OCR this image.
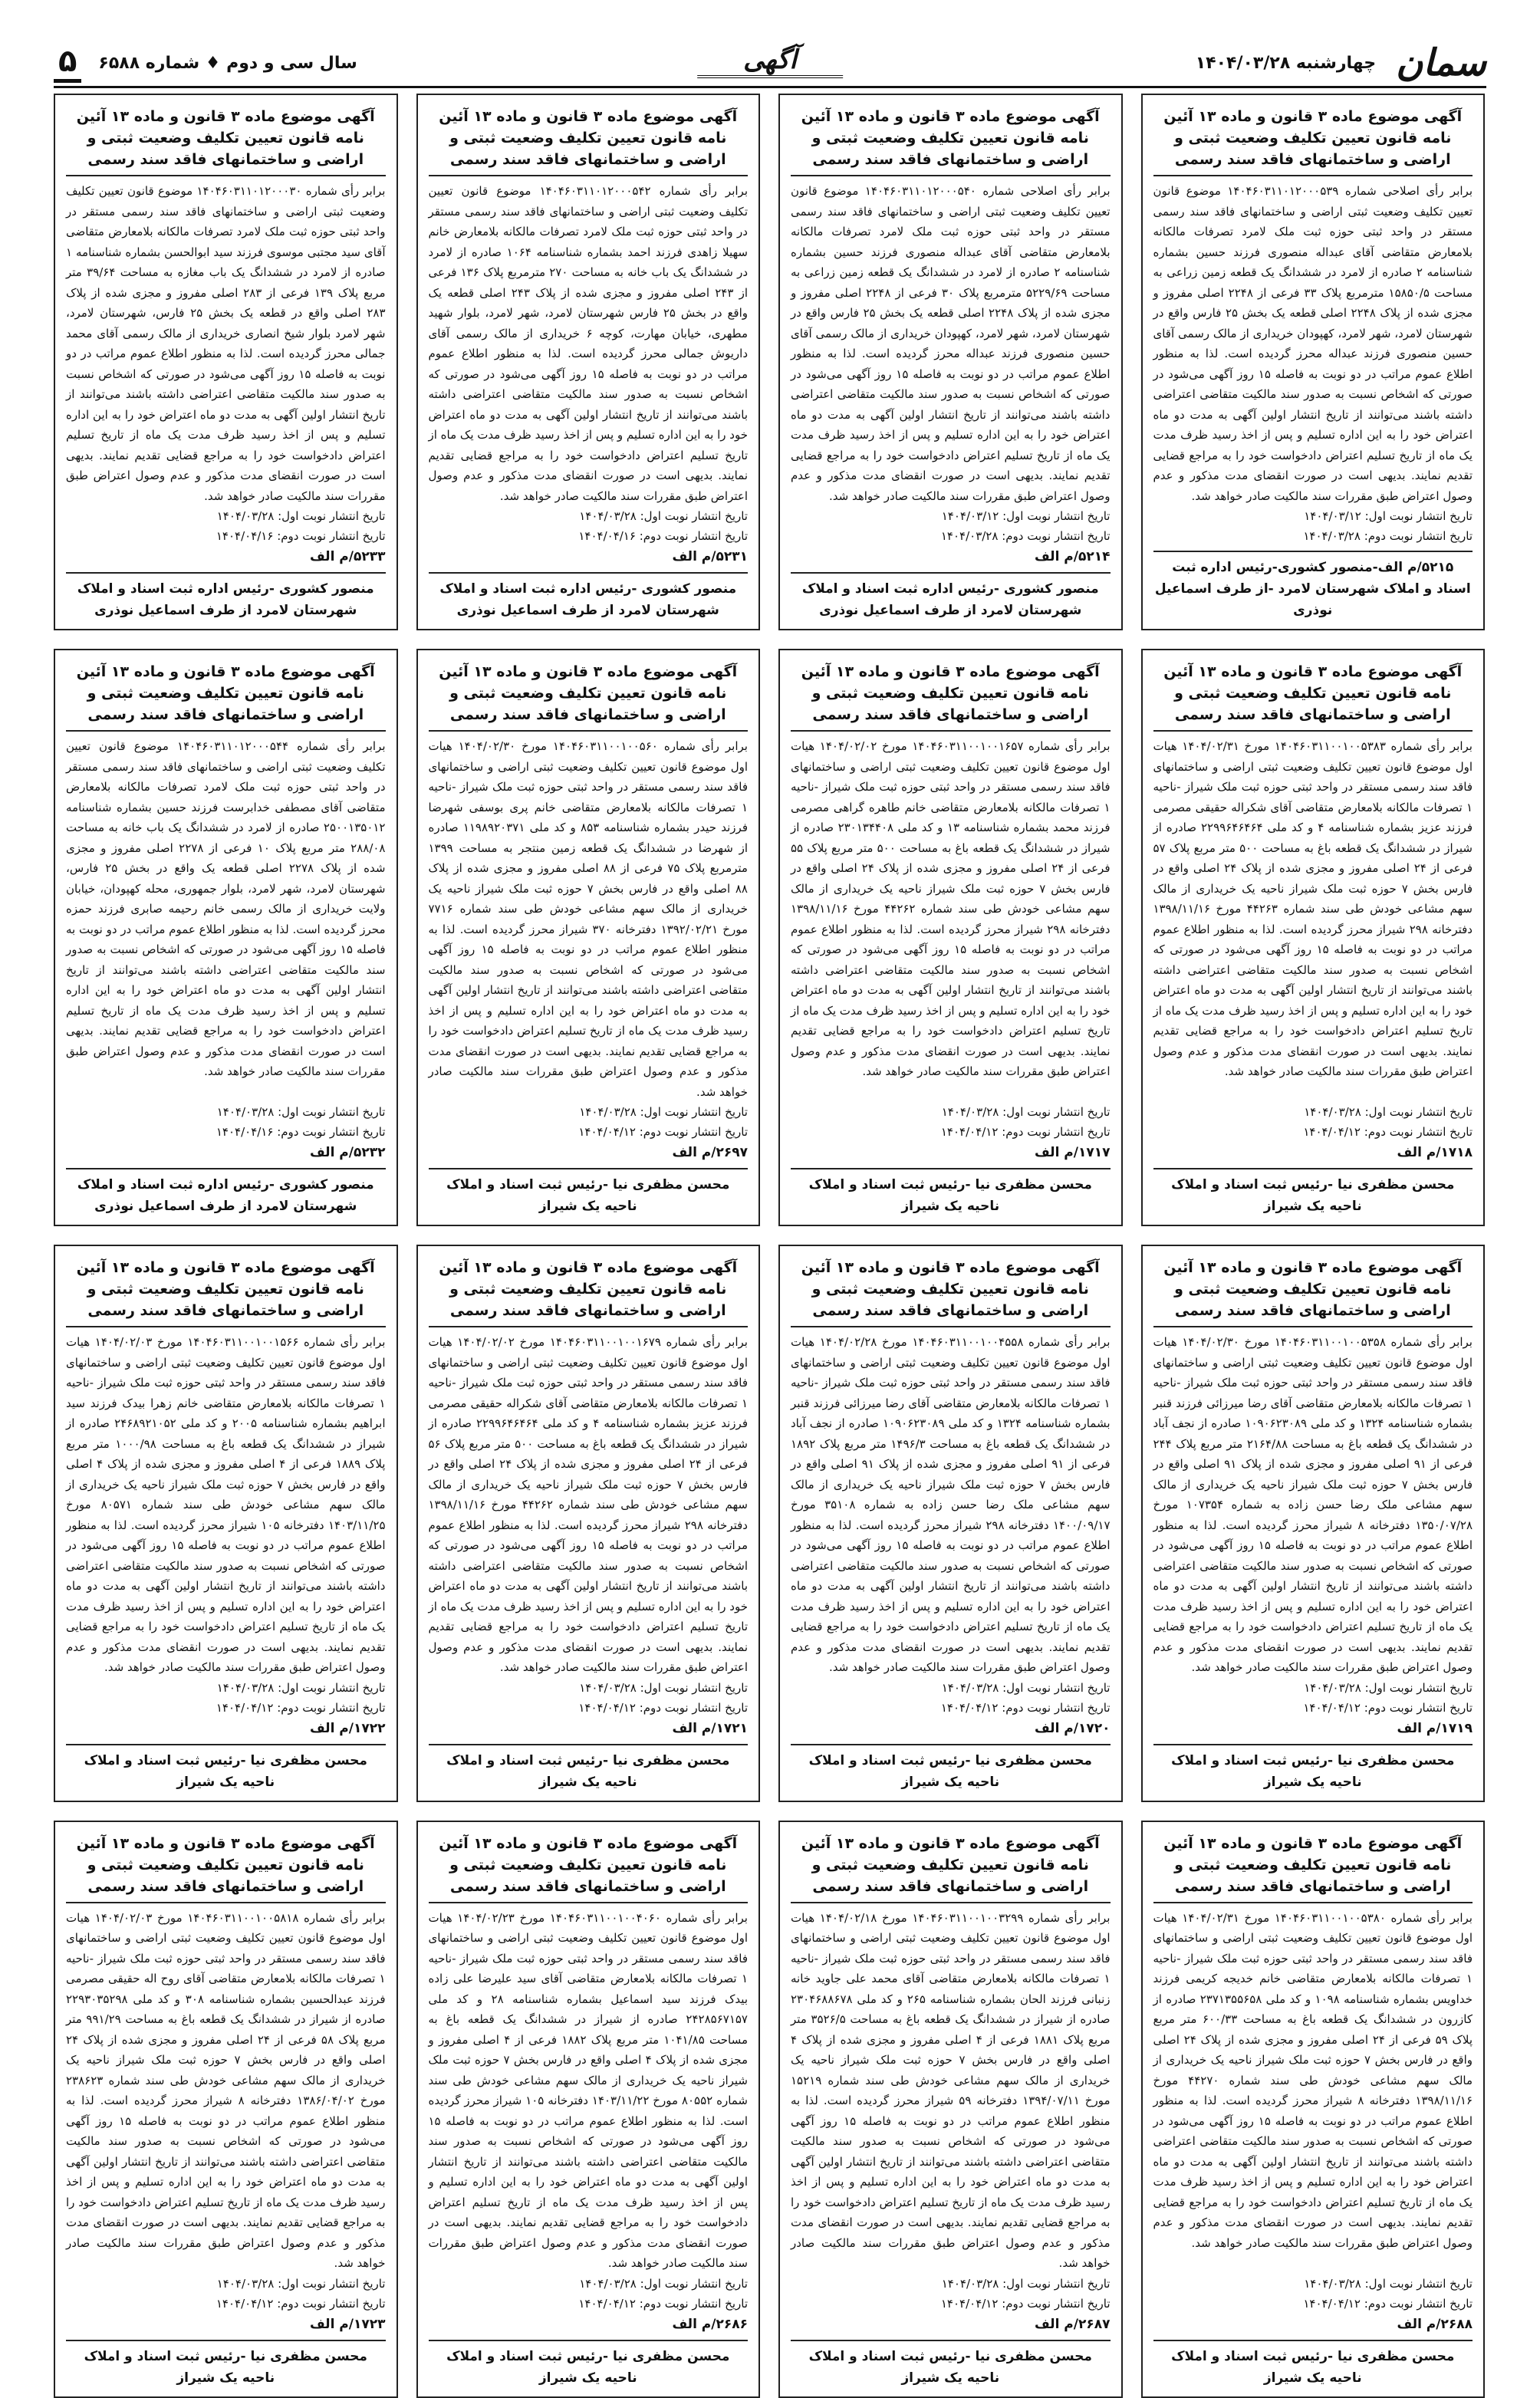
سمان
چهارشنبه ۱۴۰۴/۰۳/۲۸
آگهی
سال سی و دوم ♦ شماره ۶۵۸۸
۵
آگهی موضوع ماده ۳ قانون و ماده ۱۳ آئین نامه قانون تعیین تکلیف وضعیت ثبتی و اراضی و ساختمانهای فاقد سند رسمی
برابر رأی اصلاحی شماره ۱۴۰۴۶۰۳۱۱۰۱۲۰۰۰۵۳۹ موضوع قانون تعیین تکلیف وضعیت ثبتی اراضی و ساختمانهای فاقد سند رسمی مستقر در واحد ثبتی حوزه ثبت ملک لامرد تصرفات مالکانه بلامعارض متقاضی آقای عبداله منصوری فرزند حسین بشماره شناسنامه ۲ صادره از لامرد در ششدانگ یک قطعه زمین زراعی به مساحت ۱۵۸۵۰/۵ مترمربع پلاک ۳۳ فرعی از ۲۲۴۸ اصلی مفروز و مجزی شده از پلاک ۲۲۴۸ اصلی قطعه یک بخش ۲۵ فارس واقع در شهرستان لامرد، شهر لامرد، کهپودان خریداری از مالک رسمی آقای حسین منصوری فرزند عبداله محرز گردیده است. لذا به منظور اطلاع عموم مراتب در دو نوبت به فاصله ۱۵ روز آگهی می‌شود در صورتی که اشخاص نسبت به صدور سند مالکیت متقاضی اعتراضی داشته باشند می‌توانند از تاریخ انتشار اولین آگهی به مدت دو ماه اعتراض خود را به این اداره تسلیم و پس از اخذ رسید ظرف مدت یک ماه از تاریخ تسلیم اعتراض دادخواست خود را به مراجع قضایی تقدیم نمایند. بدیهی است در صورت انقضای مدت مذکور و عدم وصول اعتراض طبق مقررات سند مالکیت صادر خواهد شد.
تاریخ انتشار نوبت اول: ۱۴۰۴/۰۳/۱۲
تاریخ انتشار نوبت دوم: ۱۴۰۴/۰۳/۲۸
۵۲۱۵/م الف-منصور کشوری-رئیس اداره ثبت اسناد و املاک شهرستان لامرد -از طرف اسماعیل نوذری
آگهی موضوع ماده ۳ قانون و ماده ۱۳ آئین نامه قانون تعیین تکلیف وضعیت ثبتی و اراضی و ساختمانهای فاقد سند رسمی
برابر رأی اصلاحی شماره ۱۴۰۴۶۰۳۱۱۰۱۲۰۰۰۵۴۰ موضوع قانون تعیین تکلیف وضعیت ثبتی اراضی و ساختمانهای فاقد سند رسمی مستقر در واحد ثبتی حوزه ثبت ملک لامرد تصرفات مالکانه بلامعارض متقاضی آقای عبداله منصوری فرزند حسین بشماره شناسنامه ۲ صادره از لامرد در ششدانگ یک قطعه زمین زراعی به مساحت ۵۲۲۹/۶۹ مترمربع پلاک ۳۰ فرعی از ۲۲۴۸ اصلی مفروز و مجزی شده از پلاک ۲۲۴۸ اصلی قطعه یک بخش ۲۵ فارس واقع در شهرستان لامرد، شهر لامرد، کهپودان خریداری از مالک رسمی آقای حسین منصوری فرزند عبداله محرز گردیده است. لذا به منظور اطلاع عموم مراتب در دو نوبت به فاصله ۱۵ روز آگهی می‌شود در صورتی که اشخاص نسبت به صدور سند مالکیت متقاضی اعتراضی داشته باشند می‌توانند از تاریخ انتشار اولین آگهی به مدت دو ماه اعتراض خود را به این اداره تسلیم و پس از اخذ رسید ظرف مدت یک ماه از تاریخ تسلیم اعتراض دادخواست خود را به مراجع قضایی تقدیم نمایند. بدیهی است در صورت انقضای مدت مذکور و عدم وصول اعتراض طبق مقررات سند مالکیت صادر خواهد شد.
تاریخ انتشار نوبت اول: ۱۴۰۴/۰۳/۱۲
تاریخ انتشار نوبت دوم: ۱۴۰۴/۰۳/۲۸
۵۲۱۴/م الف
منصور کشوری -رئیس اداره ثبت اسناد و املاک شهرستان لامرد از طرف اسماعیل نوذری
آگهی موضوع ماده ۳ قانون و ماده ۱۳ آئین نامه قانون تعیین تکلیف وضعیت ثبتی و اراضی و ساختمانهای فاقد سند رسمی
برابر رأی شماره ۱۴۰۴۶۰۳۱۱۰۱۲۰۰۰۵۴۲ موضوع قانون تعیین تکلیف وضعیت ثبتی اراضی و ساختمانهای فاقد سند رسمی مستقر در واحد ثبتی حوزه ثبت ملک لامرد تصرفات مالکانه بلامعارض خانم سهیلا زاهدی فرزند احمد بشماره شناسنامه ۱۰۶۴ صادره از لامرد در ششدانگ یک باب خانه به مساحت ۲۷۰ مترمربع پلاک ۱۳۶ فرعی از ۲۴۳ اصلی مفروز و مجزی شده از پلاک ۲۴۳ اصلی قطعه یک واقع در بخش ۲۵ فارس شهرستان لامرد، شهر لامرد، بلوار شهید مطهری، خیابان مهارت، کوچه ۶ خریداری از مالک رسمی آقای داریوش جمالی محرز گردیده است. لذا به منظور اطلاع عموم مراتب در دو نوبت به فاصله ۱۵ روز آگهی می‌شود در صورتی که اشخاص نسبت به صدور سند مالکیت متقاضی اعتراضی داشته باشند می‌توانند از تاریخ انتشار اولین آگهی به مدت دو ماه اعتراض خود را به این اداره تسلیم و پس از اخذ رسید ظرف مدت یک ماه از تاریخ تسلیم اعتراض دادخواست خود را به مراجع قضایی تقدیم نمایند. بدیهی است در صورت انقضای مدت مذکور و عدم وصول اعتراض طبق مقررات سند مالکیت صادر خواهد شد.
تاریخ انتشار نوبت اول: ۱۴۰۴/۰۳/۲۸
تاریخ انتشار نوبت دوم: ۱۴۰۴/۰۴/۱۶
۵۲۳۱/م الف
منصور کشوری -رئیس اداره ثبت اسناد و املاک شهرستان لامرد از طرف اسماعیل نوذری
آگهی موضوع ماده ۳ قانون و ماده ۱۳ آئین نامه قانون تعیین تکلیف وضعیت ثبتی و اراضی و ساختمانهای فاقد سند رسمی
برابر رأی شماره ۱۴۰۴۶۰۳۱۱۰۱۲۰۰۰۳۰ موضوع قانون تعیین تکلیف وضعیت ثبتی اراضی و ساختمانهای فاقد سند رسمی مستقر در واحد ثبتی حوزه ثبت ملک لامرد تصرفات مالکانه بلامعارض متقاضی آقای سید مجتبی موسوی فرزند سید ابوالحسن بشماره شناسنامه ۱ صادره از لامرد در ششدانگ یک باب مغازه به مساحت ۳۹/۶۴ متر مربع پلاک ۱۳۹ فرعی از ۲۸۳ اصلی مفروز و مجزی شده از پلاک ۲۸۳ اصلی واقع در قطعه یک بخش ۲۵ فارس، شهرستان لامرد، شهر لامرد بلوار شیخ انصاری خریداری از مالک رسمی آقای محمد جمالی محرز گردیده است. لذا به منظور اطلاع عموم مراتب در دو نوبت به فاصله ۱۵ روز آگهی می‌شود در صورتی که اشخاص نسبت به صدور سند مالکیت متقاضی اعتراضی داشته باشند می‌توانند از تاریخ انتشار اولین آگهی به مدت دو ماه اعتراض خود را به این اداره تسلیم و پس از اخذ رسید ظرف مدت یک ماه از تاریخ تسلیم اعتراض دادخواست خود را به مراجع قضایی تقدیم نمایند. بدیهی است در صورت انقضای مدت مذکور و عدم وصول اعتراض طبق مقررات سند مالکیت صادر خواهد شد.
تاریخ انتشار نوبت اول: ۱۴۰۴/۰۳/۲۸
تاریخ انتشار نوبت دوم: ۱۴۰۴/۰۴/۱۶
۵۲۳۳/م الف
منصور کشوری -رئیس اداره ثبت اسناد و املاک شهرستان لامرد از طرف اسماعیل نوذری
آگهی موضوع ماده ۳ قانون و ماده ۱۳ آئین نامه قانون تعیین تکلیف وضعیت ثبتی و اراضی و ساختمانهای فاقد سند رسمی
برابر رأی شماره ۱۴۰۴۶۰۳۱۱۰۰۱۰۰۵۳۸۳ مورخ ۱۴۰۴/۰۲/۳۱ هیات اول موضوع قانون تعیین تکلیف وضعیت ثبتی اراضی و ساختمانهای فاقد سند رسمی مستقر در واحد ثبتی حوزه ثبت ملک شیراز -ناحیه ۱ تصرفات مالکانه بلامعارض متقاضی آقای شکراله حقیقی مصرمی فرزند عزیز بشماره شناسنامه ۴ و کد ملی ۲۲۹۹۶۴۶۴۶۴ صادره از شیراز در ششدانگ یک قطعه باغ به مساحت ۵۰۰ متر مربع پلاک ۵۷ فرعی از ۲۴ اصلی مفروز و مجزی شده از پلاک ۲۴ اصلی واقع در فارس بخش ۷ حوزه ثبت ملک شیراز ناحیه یک خریداری از مالک سهم مشاعی خودش طی سند شماره ۴۴۲۶۳ مورخ ۱۳۹۸/۱۱/۱۶ دفترخانه ۲۹۸ شیراز محرز گردیده است. لذا به منظور اطلاع عموم مراتب در دو نوبت به فاصله ۱۵ روز آگهی می‌شود در صورتی که اشخاص نسبت به صدور سند مالکیت متقاضی اعتراضی داشته باشند می‌توانند از تاریخ انتشار اولین آگهی به مدت دو ماه اعتراض خود را به این اداره تسلیم و پس از اخذ رسید ظرف مدت یک ماه از تاریخ تسلیم اعتراض دادخواست خود را به مراجع قضایی تقدیم نمایند. بدیهی است در صورت انقضای مدت مذکور و عدم وصول اعتراض طبق مقررات سند مالکیت صادر خواهد شد.
تاریخ انتشار نوبت اول: ۱۴۰۴/۰۳/۲۸
تاریخ انتشار نوبت دوم: ۱۴۰۴/۰۴/۱۲
۱۷۱۸/م الف
محسن مظفری نیا -رئیس ثبت اسناد و املاک ناحیه یک شیراز
آگهی موضوع ماده ۳ قانون و ماده ۱۳ آئین نامه قانون تعیین تکلیف وضعیت ثبتی و اراضی و ساختمانهای فاقد سند رسمی
برابر رأی شماره ۱۴۰۴۶۰۳۱۱۰۰۱۰۰۱۶۵۷ مورخ ۱۴۰۴/۰۲/۰۲ هیات اول موضوع قانون تعیین تکلیف وضعیت ثبتی اراضی و ساختمانهای فاقد سند رسمی مستقر در واحد ثبتی حوزه ثبت ملک شیراز -ناحیه ۱ تصرفات مالکانه بلامعارض متقاضی خانم طاهره گراهی مصرمی فرزند محمد بشماره شناسنامه ۱۳ و کد ملی ۲۳۰۱۳۴۴۰۸ صادره از شیراز در ششدانگ یک قطعه باغ به مساحت ۵۰۰ متر مربع پلاک ۵۵ فرعی از ۲۴ اصلی مفروز و مجزی شده از پلاک ۲۴ اصلی واقع در فارس بخش ۷ حوزه ثبت ملک شیراز ناحیه یک خریداری از مالک سهم مشاعی خودش طی سند شماره ۴۴۲۶۲ مورخ ۱۳۹۸/۱۱/۱۶ دفترخانه ۲۹۸ شیراز محرز گردیده است. لذا به منظور اطلاع عموم مراتب در دو نوبت به فاصله ۱۵ روز آگهی می‌شود در صورتی که اشخاص نسبت به صدور سند مالکیت متقاضی اعتراضی داشته باشند می‌توانند از تاریخ انتشار اولین آگهی به مدت دو ماه اعتراض خود را به این اداره تسلیم و پس از اخذ رسید ظرف مدت یک ماه از تاریخ تسلیم اعتراض دادخواست خود را به مراجع قضایی تقدیم نمایند. بدیهی است در صورت انقضای مدت مذکور و عدم وصول اعتراض طبق مقررات سند مالکیت صادر خواهد شد.
تاریخ انتشار نوبت اول: ۱۴۰۴/۰۳/۲۸
تاریخ انتشار نوبت دوم: ۱۴۰۴/۰۴/۱۲
۱۷۱۷/م الف
محسن مظفری نیا -رئیس ثبت اسناد و املاک ناحیه یک شیراز
آگهی موضوع ماده ۳ قانون و ماده ۱۳ آئین نامه قانون تعیین تکلیف وضعیت ثبتی و اراضی و ساختمانهای فاقد سند رسمی
برابر رأی شماره ۱۴۰۴۶۰۳۱۱۰۰۱۰۰۵۶۰ مورخ ۱۴۰۴/۰۲/۳۰ هیات اول موضوع قانون تعیین تکلیف وضعیت ثبتی اراضی و ساختمانهای فاقد سند رسمی مستقر در واحد ثبتی حوزه ثبت ملک شیراز -ناحیه ۱ تصرفات مالکانه بلامعارض متقاضی خانم پری بوسفی شهرضا فرزند حیدر بشماره شناسنامه ۸۵۳ و کد ملی ۱۱۹۸۹۲۰۳۷۱ صادره از شهرضا در ششدانگ یک قطعه زمین منتجر به مساحت ۱۳۹۹ مترمربع پلاک ۷۵ فرعی از ۸۸ اصلی مفروز و مجزی شده از پلاک ۸۸ اصلی واقع در فارس بخش ۷ حوزه ثبت ملک شیراز ناحیه یک خریداری از مالک سهم مشاعی خودش طی سند شماره ۷۷۱۶ مورخ ۱۳۹۲/۰۲/۲۱ دفترخانه ۳۷۰ شیراز محرز گردیده است. لذا به منظور اطلاع عموم مراتب در دو نوبت به فاصله ۱۵ روز آگهی می‌شود در صورتی که اشخاص نسبت به صدور سند مالکیت متقاضی اعتراضی داشته باشند می‌توانند از تاریخ انتشار اولین آگهی به مدت دو ماه اعتراض خود را به این اداره تسلیم و پس از اخذ رسید ظرف مدت یک ماه از تاریخ تسلیم اعتراض دادخواست خود را به مراجع قضایی تقدیم نمایند. بدیهی است در صورت انقضای مدت مذکور و عدم وصول اعتراض طبق مقررات سند مالکیت صادر خواهد شد.
تاریخ انتشار نوبت اول: ۱۴۰۴/۰۳/۲۸
تاریخ انتشار نوبت دوم: ۱۴۰۴/۰۴/۱۲
۲۶۹۷/م الف
محسن مظفری نیا -رئیس ثبت اسناد و املاک ناحیه یک شیراز
آگهی موضوع ماده ۳ قانون و ماده ۱۳ آئین نامه قانون تعیین تکلیف وضعیت ثبتی و اراضی و ساختمانهای فاقد سند رسمی
برابر رأی شماره ۱۴۰۴۶۰۳۱۱۰۱۲۰۰۰۵۴۴ موضوع قانون تعیین تکلیف وضعیت ثبتی اراضی و ساختمانهای فاقد سند رسمی مستقر در واحد ثبتی حوزه ثبت ملک لامرد تصرفات مالکانه بلامعارض متقاضی آقای مصطفی خدابرست فرزند حسین بشماره شناسنامه ۲۵۰۰۱۳۵۰۱۲ صادره از لامرد در ششدانگ یک باب خانه به مساحت ۲۸۸/۰۸ متر مربع پلاک ۱۰ فرعی از ۲۲۷۸ اصلی مفروز و مجزی شده از پلاک ۲۲۷۸ اصلی قطعه یک واقع در بخش ۲۵ فارس، شهرستان لامرد، شهر لامرد، بلوار جمهوری، محله کهپودان، خیابان ولایت خریداری از مالک رسمی خانم رحیمه صابری فرزند حمزه محرز گردیده است. لذا به منظور اطلاع عموم مراتب در دو نوبت به فاصله ۱۵ روز آگهی می‌شود در صورتی که اشخاص نسبت به صدور سند مالکیت متقاضی اعتراضی داشته باشند می‌توانند از تاریخ انتشار اولین آگهی به مدت دو ماه اعتراض خود را به این اداره تسلیم و پس از اخذ رسید ظرف مدت یک ماه از تاریخ تسلیم اعتراض دادخواست خود را به مراجع قضایی تقدیم نمایند. بدیهی است در صورت انقضای مدت مذکور و عدم وصول اعتراض طبق مقررات سند مالکیت صادر خواهد شد.
تاریخ انتشار نوبت اول: ۱۴۰۴/۰۳/۲۸
تاریخ انتشار نوبت دوم: ۱۴۰۴/۰۴/۱۶
۵۲۳۲/م الف
منصور کشوری -رئیس اداره ثبت اسناد و املاک شهرستان لامرد از طرف اسماعیل نوذری
آگهی موضوع ماده ۳ قانون و ماده ۱۳ آئین نامه قانون تعیین تکلیف وضعیت ثبتی و اراضی و ساختمانهای فاقد سند رسمی
برابر رأی شماره ۱۴۰۴۶۰۳۱۱۰۰۱۰۰۵۳۵۸ مورخ ۱۴۰۴/۰۲/۳۰ هیات اول موضوع قانون تعیین تکلیف وضعیت ثبتی اراضی و ساختمانهای فاقد سند رسمی مستقر در واحد ثبتی حوزه ثبت ملک شیراز -ناحیه ۱ تصرفات مالکانه بلامعارض متقاضی آقای رضا میرزائی فرزند قنبر بشماره شناسنامه ۱۳۲۴ و کد ملی ۱۰۹۰۶۲۳۰۸۹ صادره از نجف آباد در ششدانگ یک قطعه باغ به مساحت ۲۱۶۴/۸۸ متر مربع پلاک ۲۴۴ فرعی از ۹۱ اصلی مفروز و مجزی شده از پلاک ۹۱ اصلی واقع در فارس بخش ۷ حوزه ثبت ملک شیراز ناحیه یک خریداری از مالک سهم مشاعی ملک رضا حسن زاده به شماره ۱۰۷۳۵۴ مورخ ۱۳۵۰/۰۷/۲۸ دفترخانه ۸ شیراز محرز گردیده است. لذا به منظور اطلاع عموم مراتب در دو نوبت به فاصله ۱۵ روز آگهی می‌شود در صورتی که اشخاص نسبت به صدور سند مالکیت متقاضی اعتراضی داشته باشند می‌توانند از تاریخ انتشار اولین آگهی به مدت دو ماه اعتراض خود را به این اداره تسلیم و پس از اخذ رسید ظرف مدت یک ماه از تاریخ تسلیم اعتراض دادخواست خود را به مراجع قضایی تقدیم نمایند. بدیهی است در صورت انقضای مدت مذکور و عدم وصول اعتراض طبق مقررات سند مالکیت صادر خواهد شد.
تاریخ انتشار نوبت اول: ۱۴۰۴/۰۳/۲۸
تاریخ انتشار نوبت دوم: ۱۴۰۴/۰۴/۱۲
۱۷۱۹/م الف
محسن مظفری نیا -رئیس ثبت اسناد و املاک ناحیه یک شیراز
آگهی موضوع ماده ۳ قانون و ماده ۱۳ آئین نامه قانون تعیین تکلیف وضعیت ثبتی و اراضی و ساختمانهای فاقد سند رسمی
برابر رأی شماره ۱۴۰۴۶۰۳۱۱۰۰۱۰۰۴۵۵۸ مورخ ۱۴۰۴/۰۲/۲۸ هیات اول موضوع قانون تعیین تکلیف وضعیت ثبتی اراضی و ساختمانهای فاقد سند رسمی مستقر در واحد ثبتی حوزه ثبت ملک شیراز -ناحیه ۱ تصرفات مالکانه بلامعارض متقاضی آقای رضا میرزائی فرزند قنبر بشماره شناسنامه ۱۳۲۴ و کد ملی ۱۰۹۰۶۲۳۰۸۹ صادره از نجف آباد در ششدانگ یک قطعه باغ به مساحت ۱۴۹۶/۳ متر مربع پلاک ۱۸۹۲ فرعی از ۹۱ اصلی مفروز و مجزی شده از پلاک ۹۱ اصلی واقع در فارس بخش ۷ حوزه ثبت ملک شیراز ناحیه یک خریداری از مالک سهم مشاعی ملک رضا حسن زاده به شماره ۳۵۱۰۸ مورخ ۱۴۰۰/۰۹/۱۷ دفترخانه ۲۹۸ شیراز محرز گردیده است. لذا به منظور اطلاع عموم مراتب در دو نوبت به فاصله ۱۵ روز آگهی می‌شود در صورتی که اشخاص نسبت به صدور سند مالکیت متقاضی اعتراضی داشته باشند می‌توانند از تاریخ انتشار اولین آگهی به مدت دو ماه اعتراض خود را به این اداره تسلیم و پس از اخذ رسید ظرف مدت یک ماه از تاریخ تسلیم اعتراض دادخواست خود را به مراجع قضایی تقدیم نمایند. بدیهی است در صورت انقضای مدت مذکور و عدم وصول اعتراض طبق مقررات سند مالکیت صادر خواهد شد.
تاریخ انتشار نوبت اول: ۱۴۰۴/۰۳/۲۸
تاریخ انتشار نوبت دوم: ۱۴۰۴/۰۴/۱۲
۱۷۲۰/م الف
محسن مظفری نیا -رئیس ثبت اسناد و املاک ناحیه یک شیراز
آگهی موضوع ماده ۳ قانون و ماده ۱۳ آئین نامه قانون تعیین تکلیف وضعیت ثبتی و اراضی و ساختمانهای فاقد سند رسمی
برابر رأی شماره ۱۴۰۴۶۰۳۱۱۰۰۱۰۰۱۶۷۹ مورخ ۱۴۰۴/۰۲/۰۲ هیات اول موضوع قانون تعیین تکلیف وضعیت ثبتی اراضی و ساختمانهای فاقد سند رسمی مستقر در واحد ثبتی حوزه ثبت ملک شیراز -ناحیه ۱ تصرفات مالکانه بلامعارض متقاضی آقای شکراله حقیقی مصرمی فرزند عزیز بشماره شناسنامه ۴ و کد ملی ۲۲۹۹۶۴۶۴۶۴ صادره از شیراز در ششدانگ یک قطعه باغ به مساحت ۵۰۰ متر مربع پلاک ۵۶ فرعی از ۲۴ اصلی مفروز و مجزی شده از پلاک ۲۴ اصلی واقع در فارس بخش ۷ حوزه ثبت ملک شیراز ناحیه یک خریداری از مالک سهم مشاعی خودش طی سند شماره ۴۴۲۶۲ مورخ ۱۳۹۸/۱۱/۱۶ دفترخانه ۲۹۸ شیراز محرز گردیده است. لذا به منظور اطلاع عموم مراتب در دو نوبت به فاصله ۱۵ روز آگهی می‌شود در صورتی که اشخاص نسبت به صدور سند مالکیت متقاضی اعتراضی داشته باشند می‌توانند از تاریخ انتشار اولین آگهی به مدت دو ماه اعتراض خود را به این اداره تسلیم و پس از اخذ رسید ظرف مدت یک ماه از تاریخ تسلیم اعتراض دادخواست خود را به مراجع قضایی تقدیم نمایند. بدیهی است در صورت انقضای مدت مذکور و عدم وصول اعتراض طبق مقررات سند مالکیت صادر خواهد شد.
تاریخ انتشار نوبت اول: ۱۴۰۴/۰۳/۲۸
تاریخ انتشار نوبت دوم: ۱۴۰۴/۰۴/۱۲
۱۷۲۱/م الف
محسن مظفری نیا -رئیس ثبت اسناد و املاک ناحیه یک شیراز
آگهی موضوع ماده ۳ قانون و ماده ۱۳ آئین نامه قانون تعیین تکلیف وضعیت ثبتی و اراضی و ساختمانهای فاقد سند رسمی
برابر رأی شماره ۱۴۰۴۶۰۳۱۱۰۰۱۰۰۱۵۶۶ مورخ ۱۴۰۴/۰۲/۰۳ هیات اول موضوع قانون تعیین تکلیف وضعیت ثبتی اراضی و ساختمانهای فاقد سند رسمی مستقر در واحد ثبتی حوزه ثبت ملک شیراز -ناحیه ۱ تصرفات مالکانه بلامعارض متقاضی خانم زهرا بیدک فرزند سید ابراهیم بشماره شناسنامه ۲۰۰۵ و کد ملی ۲۴۶۸۹۲۱۰۵۲ صادره از شیراز در ششدانگ یک قطعه باغ به مساحت ۱۰۰۰/۹۸ متر مربع پلاک ۱۸۸۹ فرعی از ۴ اصلی مفروز و مجزی شده از پلاک ۴ اصلی واقع در فارس بخش ۷ حوزه ثبت ملک شیراز ناحیه یک خریداری از مالک سهم مشاعی خودش طی سند شماره ۸۰۵۷۱ مورخ ۱۴۰۳/۱۱/۲۵ دفترخانه ۱۰۵ شیراز محرز گردیده است. لذا به منظور اطلاع عموم مراتب در دو نوبت به فاصله ۱۵ روز آگهی می‌شود در صورتی که اشخاص نسبت به صدور سند مالکیت متقاضی اعتراضی داشته باشند می‌توانند از تاریخ انتشار اولین آگهی به مدت دو ماه اعتراض خود را به این اداره تسلیم و پس از اخذ رسید ظرف مدت یک ماه از تاریخ تسلیم اعتراض دادخواست خود را به مراجع قضایی تقدیم نمایند. بدیهی است در صورت انقضای مدت مذکور و عدم وصول اعتراض طبق مقررات سند مالکیت صادر خواهد شد.
تاریخ انتشار نوبت اول: ۱۴۰۴/۰۳/۲۸
تاریخ انتشار نوبت دوم: ۱۴۰۴/۰۴/۱۲
۱۷۲۲/م الف
محسن مظفری نیا -رئیس ثبت اسناد و املاک ناحیه یک شیراز
آگهی موضوع ماده ۳ قانون و ماده ۱۳ آئین نامه قانون تعیین تکلیف وضعیت ثبتی و اراضی و ساختمانهای فاقد سند رسمی
برابر رأی شماره ۱۴۰۴۶۰۳۱۱۰۰۱۰۰۵۳۸۰ مورخ ۱۴۰۴/۰۲/۳۱ هیات اول موضوع قانون تعیین تکلیف وضعیت ثبتی اراضی و ساختمانهای فاقد سند رسمی مستقر در واحد ثبتی حوزه ثبت ملک شیراز -ناحیه ۱ تصرفات مالکانه بلامعارض متقاضی خانم خدیجه کریمی فرزند خداویس بشماره شناسنامه ۱۰۹۸ و کد ملی ۲۳۷۱۳۵۵۶۵۸ صادره از کازرون در ششدانگ یک قطعه باغ به مساحت ۶۰۰/۳۳ متر مربع پلاک ۵۹ فرعی از ۲۴ اصلی مفروز و مجزی شده از پلاک ۲۴ اصلی واقع در فارس بخش ۷ حوزه ثبت ملک شیراز ناحیه یک خریداری از مالک سهم مشاعی خودش طی سند شماره ۴۴۲۷۰ مورخ ۱۳۹۸/۱۱/۱۶ دفترخانه ۸ شیراز محرز گردیده است. لذا به منظور اطلاع عموم مراتب در دو نوبت به فاصله ۱۵ روز آگهی می‌شود در صورتی که اشخاص نسبت به صدور سند مالکیت متقاضی اعتراضی داشته باشند می‌توانند از تاریخ انتشار اولین آگهی به مدت دو ماه اعتراض خود را به این اداره تسلیم و پس از اخذ رسید ظرف مدت یک ماه از تاریخ تسلیم اعتراض دادخواست خود را به مراجع قضایی تقدیم نمایند. بدیهی است در صورت انقضای مدت مذکور و عدم وصول اعتراض طبق مقررات سند مالکیت صادر خواهد شد.
تاریخ انتشار نوبت اول: ۱۴۰۴/۰۳/۲۸
تاریخ انتشار نوبت دوم: ۱۴۰۴/۰۴/۱۲
۲۶۸۸/م الف
محسن مظفری نیا -رئیس ثبت اسناد و املاک ناحیه یک شیراز
آگهی موضوع ماده ۳ قانون و ماده ۱۳ آئین نامه قانون تعیین تکلیف وضعیت ثبتی و اراضی و ساختمانهای فاقد سند رسمی
برابر رأی شماره ۱۴۰۴۶۰۳۱۱۰۰۱۰۰۳۲۹۹ مورخ ۱۴۰۴/۰۲/۱۸ هیات اول موضوع قانون تعیین تکلیف وضعیت ثبتی اراضی و ساختمانهای فاقد سند رسمی مستقر در واحد ثبتی حوزه ثبت ملک شیراز -ناحیه ۱ تصرفات مالکانه بلامعارض متقاضی آقای محمد علی جاوید خانه زنبانی فرزند الحان بشماره شناسنامه ۲۶۵ و کد ملی ۲۳۰۴۶۸۸۶۷۸ صادره از شیراز در ششدانگ یک قطعه باغ به مساحت ۳۵۲۶/۵ متر مربع پلاک ۱۸۸۱ فرعی از ۴ اصلی مفروز و مجزی شده از پلاک ۴ اصلی واقع در فارس بخش ۷ حوزه ثبت ملک شیراز ناحیه یک خریداری از مالک سهم مشاعی خودش طی سند شماره ۱۵۲۱۹ مورخ ۱۳۹۴/۰۷/۱۱ دفترخانه ۵۹ شیراز محرز گردیده است. لذا به منظور اطلاع عموم مراتب در دو نوبت به فاصله ۱۵ روز آگهی می‌شود در صورتی که اشخاص نسبت به صدور سند مالکیت متقاضی اعتراضی داشته باشند می‌توانند از تاریخ انتشار اولین آگهی به مدت دو ماه اعتراض خود را به این اداره تسلیم و پس از اخذ رسید ظرف مدت یک ماه از تاریخ تسلیم اعتراض دادخواست خود را به مراجع قضایی تقدیم نمایند. بدیهی است در صورت انقضای مدت مذکور و عدم وصول اعتراض طبق مقررات سند مالکیت صادر خواهد شد.
تاریخ انتشار نوبت اول: ۱۴۰۴/۰۳/۲۸
تاریخ انتشار نوبت دوم: ۱۴۰۴/۰۴/۱۲
۲۶۸۷/م الف
محسن مظفری نیا -رئیس ثبت اسناد و املاک ناحیه یک شیراز
آگهی موضوع ماده ۳ قانون و ماده ۱۳ آئین نامه قانون تعیین تکلیف وضعیت ثبتی و اراضی و ساختمانهای فاقد سند رسمی
برابر رأی شماره ۱۴۰۴۶۰۳۱۱۰۰۱۰۰۴۰۶۰ مورخ ۱۴۰۴/۰۲/۲۳ هیات اول موضوع قانون تعیین تکلیف وضعیت ثبتی اراضی و ساختمانهای فاقد سند رسمی مستقر در واحد ثبتی حوزه ثبت ملک شیراز -ناحیه ۱ تصرفات مالکانه بلامعارض متقاضی آقای سید علیرضا علی زاده بیدک فرزند سید اسماعیل بشماره شناسنامه ۲۸ و کد ملی ۲۴۲۸۵۶۷۱۵۷ صادره از شیراز در ششدانگ یک قطعه باغ به مساحت ۱۰۴۱/۸۵ متر مربع پلاک ۱۸۸۲ فرعی از ۴ اصلی مفروز و مجزی شده از پلاک ۴ اصلی واقع در فارس بخش ۷ حوزه ثبت ملک شیراز ناحیه یک خریداری از مالک سهم مشاعی خودش طی سند شماره ۸۰۵۵۲ مورخ ۱۴۰۳/۱۱/۲۲ دفترخانه ۱۰۵ شیراز محرز گردیده است. لذا به منظور اطلاع عموم مراتب در دو نوبت به فاصله ۱۵ روز آگهی می‌شود در صورتی که اشخاص نسبت به صدور سند مالکیت متقاضی اعتراضی داشته باشند می‌توانند از تاریخ انتشار اولین آگهی به مدت دو ماه اعتراض خود را به این اداره تسلیم و پس از اخذ رسید ظرف مدت یک ماه از تاریخ تسلیم اعتراض دادخواست خود را به مراجع قضایی تقدیم نمایند. بدیهی است در صورت انقضای مدت مذکور و عدم وصول اعتراض طبق مقررات سند مالکیت صادر خواهد شد.
تاریخ انتشار نوبت اول: ۱۴۰۴/۰۳/۲۸
تاریخ انتشار نوبت دوم: ۱۴۰۴/۰۴/۱۲
۲۶۸۶/م الف
محسن مظفری نیا -رئیس ثبت اسناد و املاک ناحیه یک شیراز
آگهی موضوع ماده ۳ قانون و ماده ۱۳ آئین نامه قانون تعیین تکلیف وضعیت ثبتی و اراضی و ساختمانهای فاقد سند رسمی
برابر رأی شماره ۱۴۰۴۶۰۳۱۱۰۰۱۰۰۵۸۱۸ مورخ ۱۴۰۴/۰۲/۰۳ هیات اول موضوع قانون تعیین تکلیف وضعیت ثبتی اراضی و ساختمانهای فاقد سند رسمی مستقر در واحد ثبتی حوزه ثبت ملک شیراز -ناحیه ۱ تصرفات مالکانه بلامعارض متقاضی آقای روح اله حقیقی مصرمی فرزند عبدالحسین بشماره شناسنامه ۳۰۸ و کد ملی ۲۲۹۳۰۳۵۲۹۸ صادره از شیراز در ششدانگ یک قطعه باغ به مساحت ۹۹۱/۲۹ متر مربع پلاک ۵۸ فرعی از ۲۴ اصلی مفروز و مجزی شده از پلاک ۲۴ اصلی واقع در فارس بخش ۷ حوزه ثبت ملک شیراز ناحیه یک خریداری از مالک سهم مشاعی خودش طی سند شماره ۲۳۸۶۲۳ مورخ ۱۳۸۶/۰۴/۰۲ دفترخانه ۸ شیراز محرز گردیده است. لذا به منظور اطلاع عموم مراتب در دو نوبت به فاصله ۱۵ روز آگهی می‌شود در صورتی که اشخاص نسبت به صدور سند مالکیت متقاضی اعتراضی داشته باشند می‌توانند از تاریخ انتشار اولین آگهی به مدت دو ماه اعتراض خود را به این اداره تسلیم و پس از اخذ رسید ظرف مدت یک ماه از تاریخ تسلیم اعتراض دادخواست خود را به مراجع قضایی تقدیم نمایند. بدیهی است در صورت انقضای مدت مذکور و عدم وصول اعتراض طبق مقررات سند مالکیت صادر خواهد شد.
تاریخ انتشار نوبت اول: ۱۴۰۴/۰۳/۲۸
تاریخ انتشار نوبت دوم: ۱۴۰۴/۰۴/۱۲
۱۷۲۳/م الف
محسن مظفری نیا -رئیس ثبت اسناد و املاک ناحیه یک شیراز
